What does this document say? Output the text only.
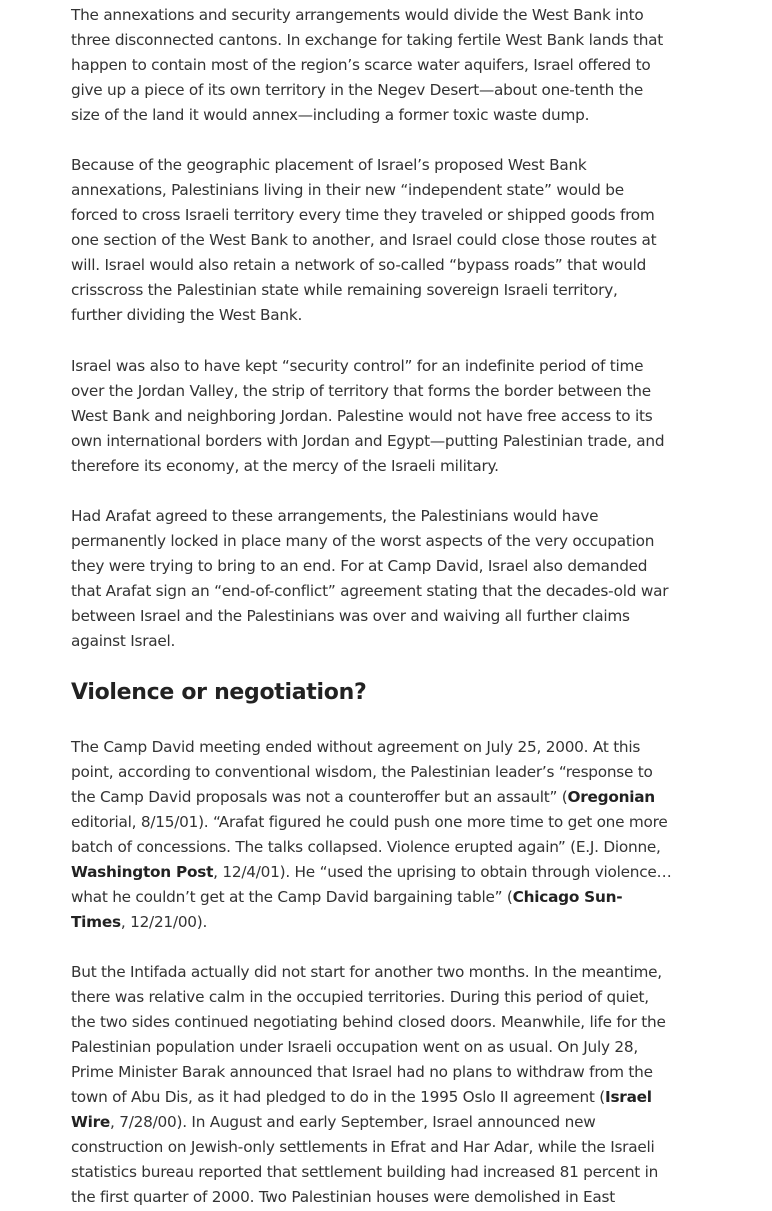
The annexations and security arrangements would divide the West Bank into three disconnected cantons. In exchange for taking fertile West Bank lands that happen to contain most of the region’s scarce water aquifers, Israel offered to give up a piece of its own territory in the Negev Desert—about one-tenth the size of the land it would annex—including a former toxic waste dump.

Because of the geographic placement of Israel’s proposed West Bank annexations, Palestinians living in their new “independent state” would be forced to cross Israeli territory every time they traveled or shipped goods from one section of the West Bank to another, and Israel could close those routes at will. Israel would also retain a network of so-called “bypass roads” that would crisscross the Palestinian state while remaining sovereign Israeli territory, further dividing the West Bank.

Israel was also to have kept “security control” for an indefinite period of time over the Jordan Valley, the strip of territory that forms the border between the West Bank and neighboring Jordan. Palestine would not have free access to its own international borders with Jordan and Egypt—putting Palestinian trade, and therefore its economy, at the mercy of the Israeli military.

Had Arafat agreed to these arrangements, the Palestinians would have permanently locked in place many of the worst aspects of the very occupation they were trying to bring to an end. For at Camp David, Israel also demanded that Arafat sign an “end-of-conflict” agreement stating that the decades-old war between Israel and the Palestinians was over and waiving all further claims against Israel.

Violence or negotiation?

The Camp David meeting ended without agreement on July 25, 2000. At this point, according to conventional wisdom, the Palestinian leader’s “response to the Camp David proposals was not a counteroffer but an assault” (Oregonian editorial, 8/15/01). “Arafat figured he could push one more time to get one more batch of concessions. The talks collapsed. Violence erupted again” (E.J. Dionne, Washington Post, 12/4/01). He “used the uprising to obtain through violence…what he couldn’t get at the Camp David bargaining table” (Chicago Sun-Times, 12/21/00).

But the Intifada actually did not start for another two months. In the meantime, there was relative calm in the occupied territories. During this period of quiet, the two sides continued negotiating behind closed doors. Meanwhile, life for the Palestinian population under Israeli occupation went on as usual. On July 28, Prime Minister Barak announced that Israel had no plans to withdraw from the town of Abu Dis, as it had pledged to do in the 1995 Oslo II agreement (Israel Wire, 7/28/00). In August and early September, Israel announced new construction on Jewish-only settlements in Efrat and Har Adar, while the Israeli statistics bureau reported that settlement building had increased 81 percent in the first quarter of 2000. Two Palestinian houses were demolished in East
